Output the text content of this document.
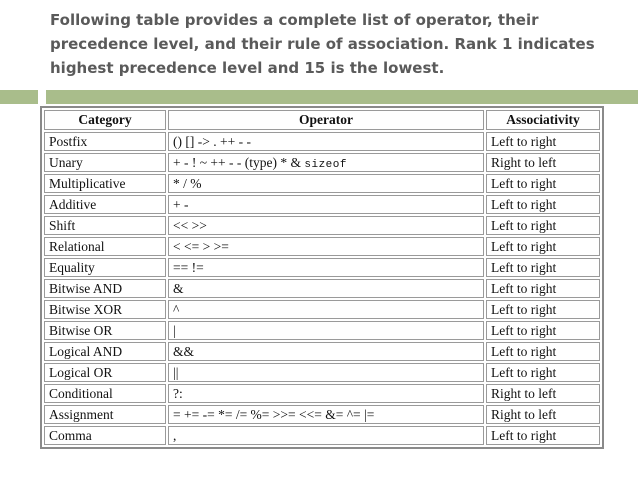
Following table provides a complete list of operator, their
precedence level, and their rule of association. Rank 1 indicates
highest precedence level and 15 is the lowest.
Category	Operator	Associativity
Postfix	() [] -> . ++ - -	Left to right
Unary	+ - ! ~ ++ - - (type) * & sizeof	Right to left
Multiplicative	* / %	Left to right
Additive	+ -	Left to right
Shift	<< >>	Left to right
Relational	< <= > >=	Left to right
Equality	== !=	Left to right
Bitwise AND	&	Left to right
Bitwise XOR	^	Left to right
Bitwise OR	|	Left to right
Logical AND	&&	Left to right
Logical OR	||	Left to right
Conditional	?:	Right to left
Assignment	= += -= *= /= %= >>= <<= &= ^= |=	Right to left
Comma	,	Left to right
